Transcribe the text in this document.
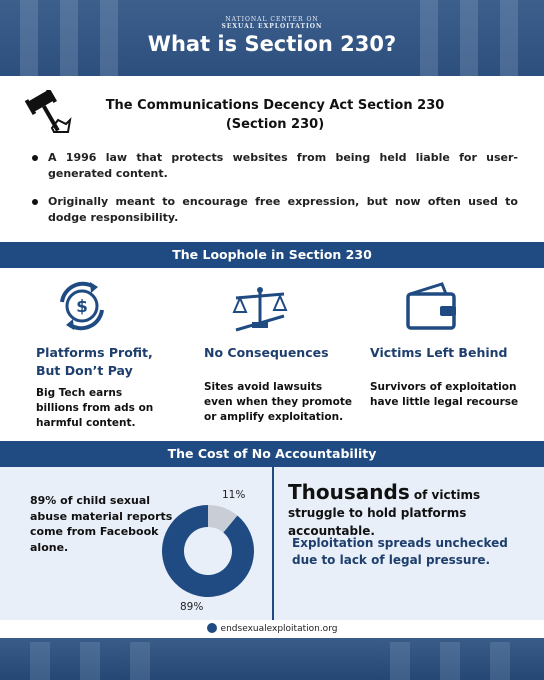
NATIONAL CENTER ON
SEXUAL EXPLOITATION
What is Section 230?
The Communications Decency Act Section 230
(Section 230)
A 1996 law that protects websites from being held liable for user-generated content.
Originally meant to encourage free expression, but now often used to dodge responsibility.
The Loophole in Section 230
$
Platforms Profit,
But Don’t Pay
Big Tech earns billions from ads on harmful content.
No Consequences
Sites avoid lawsuits even when they promote or amplify exploitation.
Victims Left Behind
Survivors of exploitation have little legal recourse
The Cost of No Accountability
89% of child sexual abuse material reports come from Facebook alone.
11%
89%
Thousands of victims struggle to hold platforms accountable.
Exploitation spreads unchecked due to lack of legal pressure.
endsexualexploitation.org
